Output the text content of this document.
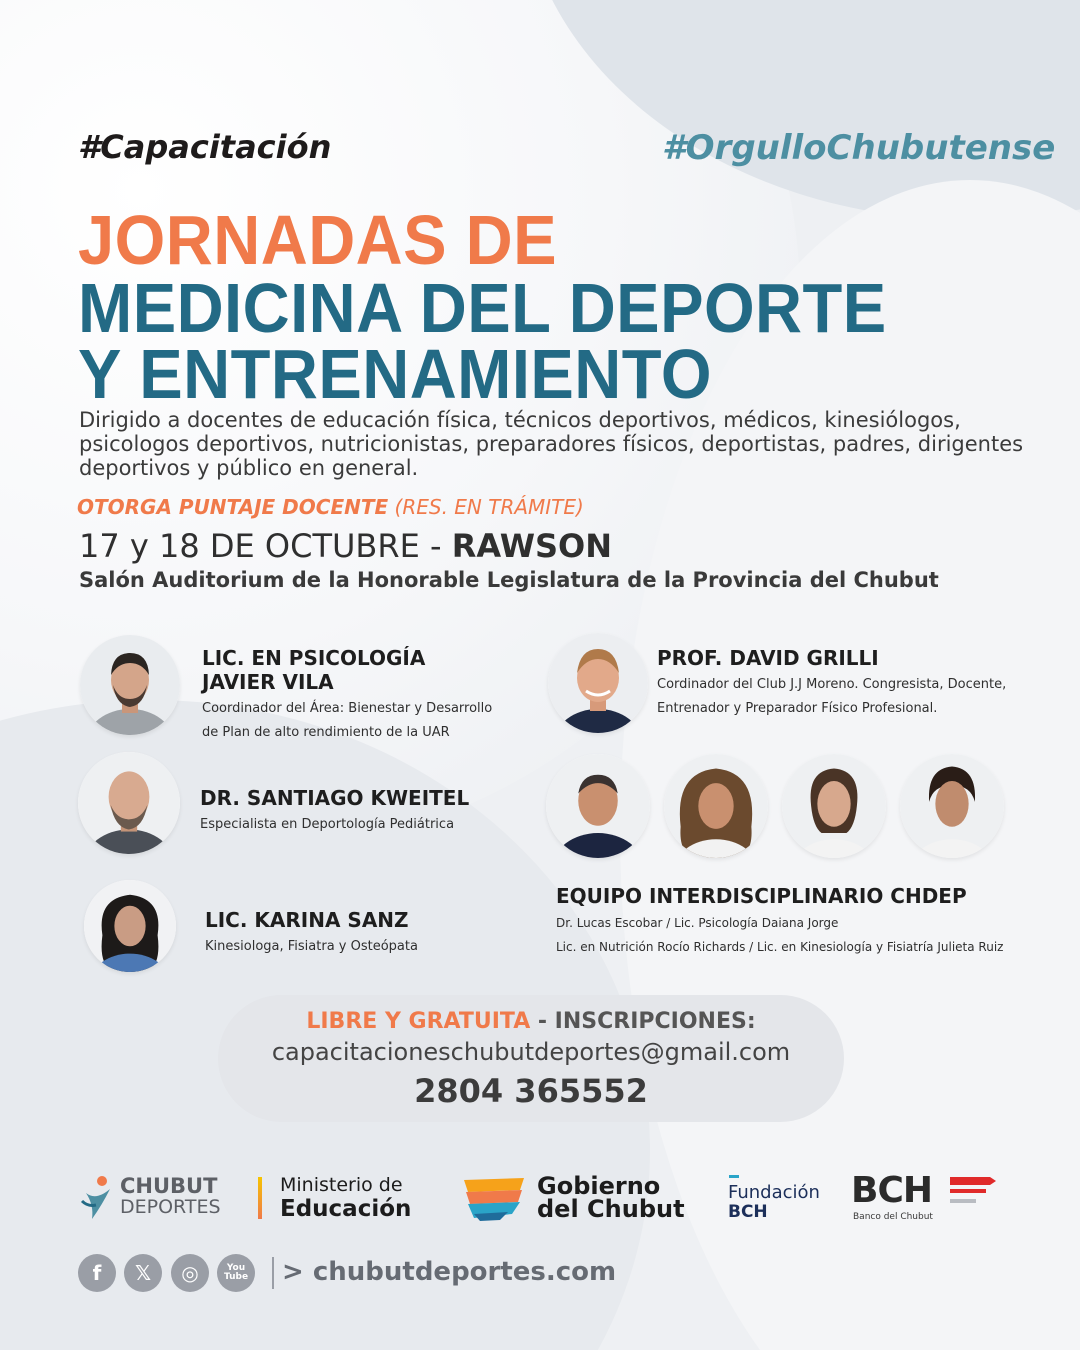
#Capacitación	#OrgulloChubutense
JORNADAS DE
MEDICINA DEL DEPORTE
Y ENTRENAMIENTO
Dirigido a docentes de educación física, técnicos deportivos, médicos, kinesiólogos, psicologos deportivos, nutricionistas, preparadores físicos, deportistas, padres, dirigentes deportivos y público en general.
OTORGA PUNTAJE DOCENTE (RES. EN TRÁMITE)
17 y 18 DE OCTUBRE - RAWSON
Salón Auditorium de la Honorable Legislatura de la Provincia del Chubut
LIC. EN PSICOLOGÍA
JAVIER VILA
Coordinador del Área: Bienestar y Desarrollo
de Plan de alto rendimiento de la UAR
DR. SANTIAGO KWEITEL
Especialista en Deportología Pediátrica
LIC. KARINA SANZ
Kinesiologa, Fisiatra y Osteópata
PROF. DAVID GRILLI
Cordinador del Club J.J Moreno. Congresista, Docente,
Entrenador y Preparador Físico Profesional.
EQUIPO INTERDISCIPLINARIO CHDEP
Dr. Lucas Escobar / Lic. Psicología Daiana Jorge
Lic. en Nutrición Rocío Richards / Lic. en Kinesiología y Fisiatría Julieta Ruiz
LIBRE Y GRATUITA - INSCRIPCIONES:
capacitacioneschubutdeportes@gmail.com
2804 365552
CHUBUT
DEPORTES
Ministerio de
Educación
Gobierno
del Chubut
Fundación
BCH
BCH
Banco del Chubut
f 𝕏 ◎	You
Tube > chubutdeportes.com
